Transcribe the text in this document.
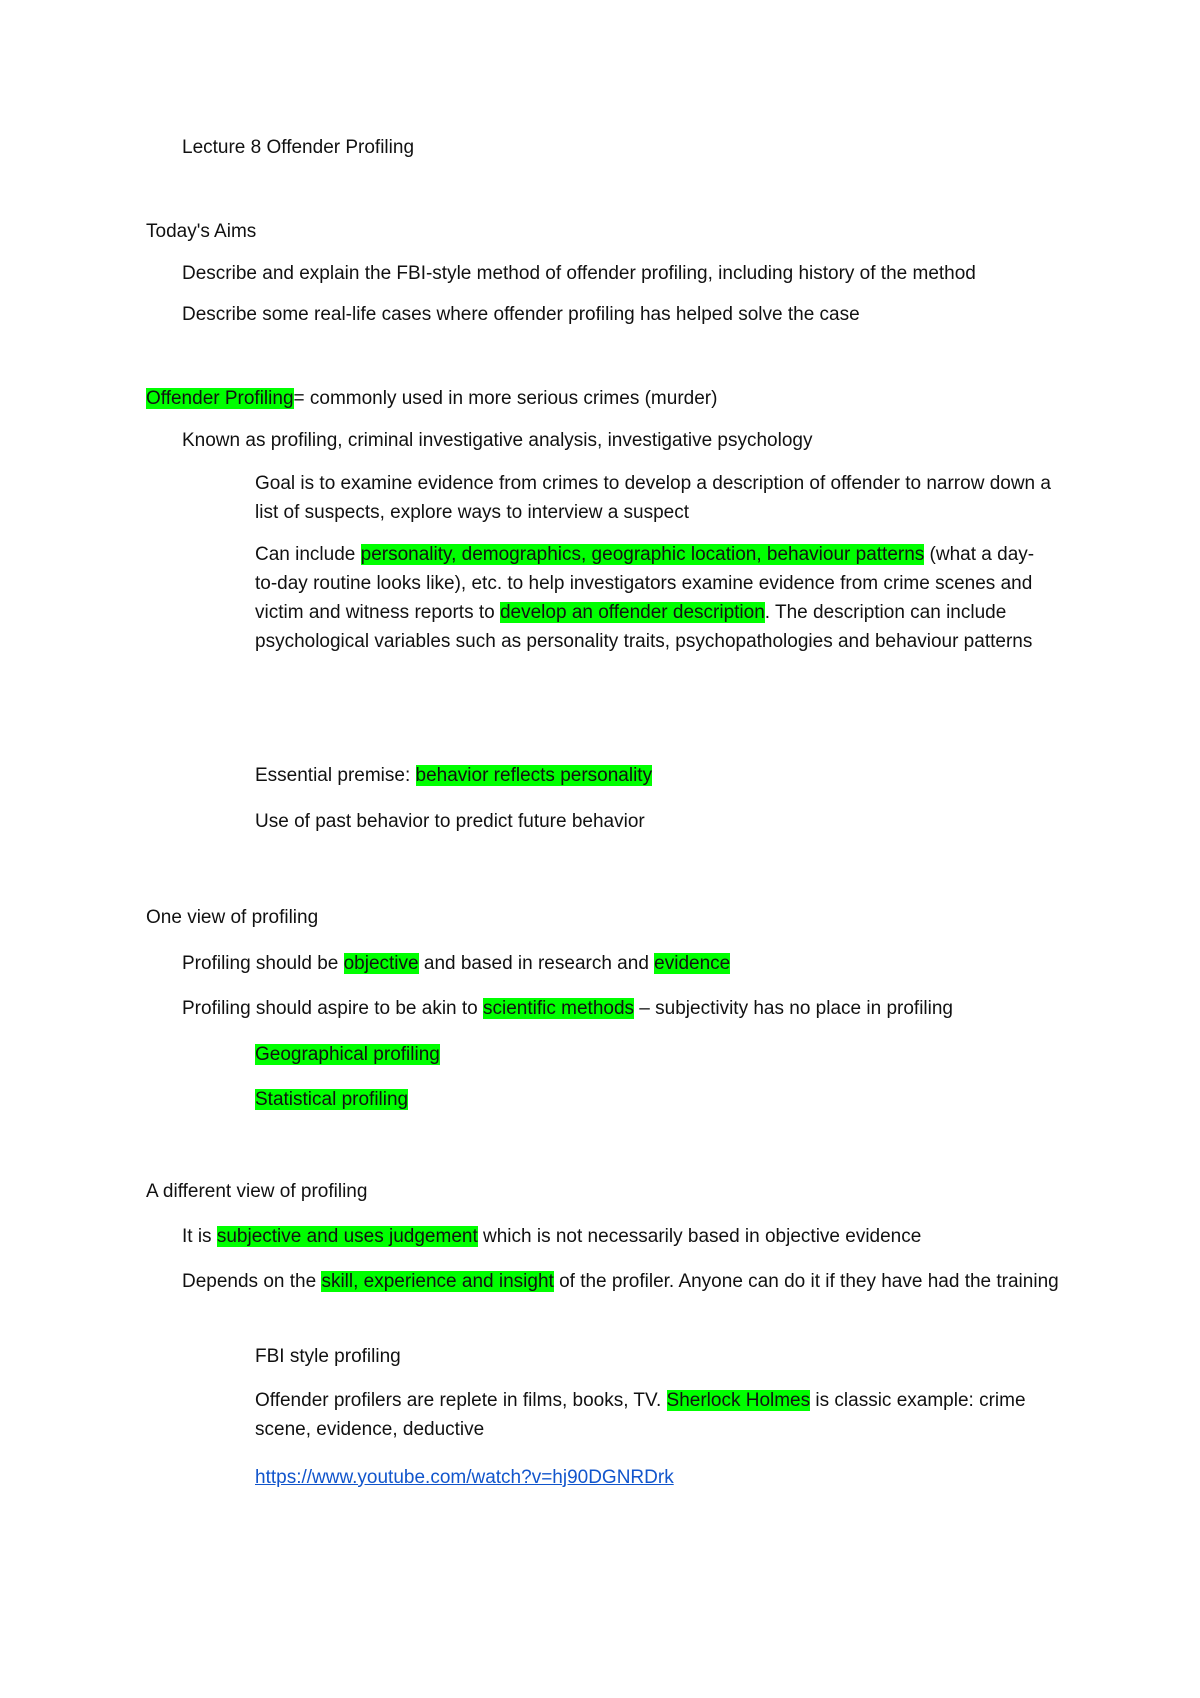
Lecture 8 Offender Profiling
Today's Aims
Describe and explain the FBI-style method of offender profiling, including history of the method
Describe some real-life cases where offender profiling has helped solve the case
Offender Profiling= commonly used in more serious crimes (murder)
Known as profiling, criminal investigative analysis, investigative psychology
Goal is to examine evidence from crimes to develop a description of offender to narrow down a list of suspects, explore ways to interview a suspect
Can include personality, demographics, geographic location, behaviour patterns (what a day-to-day routine looks like), etc. to help investigators examine evidence from crime scenes and victim and witness reports to develop an offender description. The description can include psychological variables such as personality traits, psychopathologies and behaviour patterns
Essential premise: behavior reflects personality
Use of past behavior to predict future behavior
One view of profiling
Profiling should be objective and based in research and evidence
Profiling should aspire to be akin to scientific methods – subjectivity has no place in profiling
Geographical profiling
Statistical profiling
A different view of profiling
It is subjective and uses judgement which is not necessarily based in objective evidence
Depends on the skill, experience and insight of the profiler. Anyone can do it if they have had the training
FBI style profiling
Offender profilers are replete in films, books, TV. Sherlock Holmes is classic example: crime scene, evidence, deductive
https://www.youtube.com/watch?v=hj90DGNRDrk
